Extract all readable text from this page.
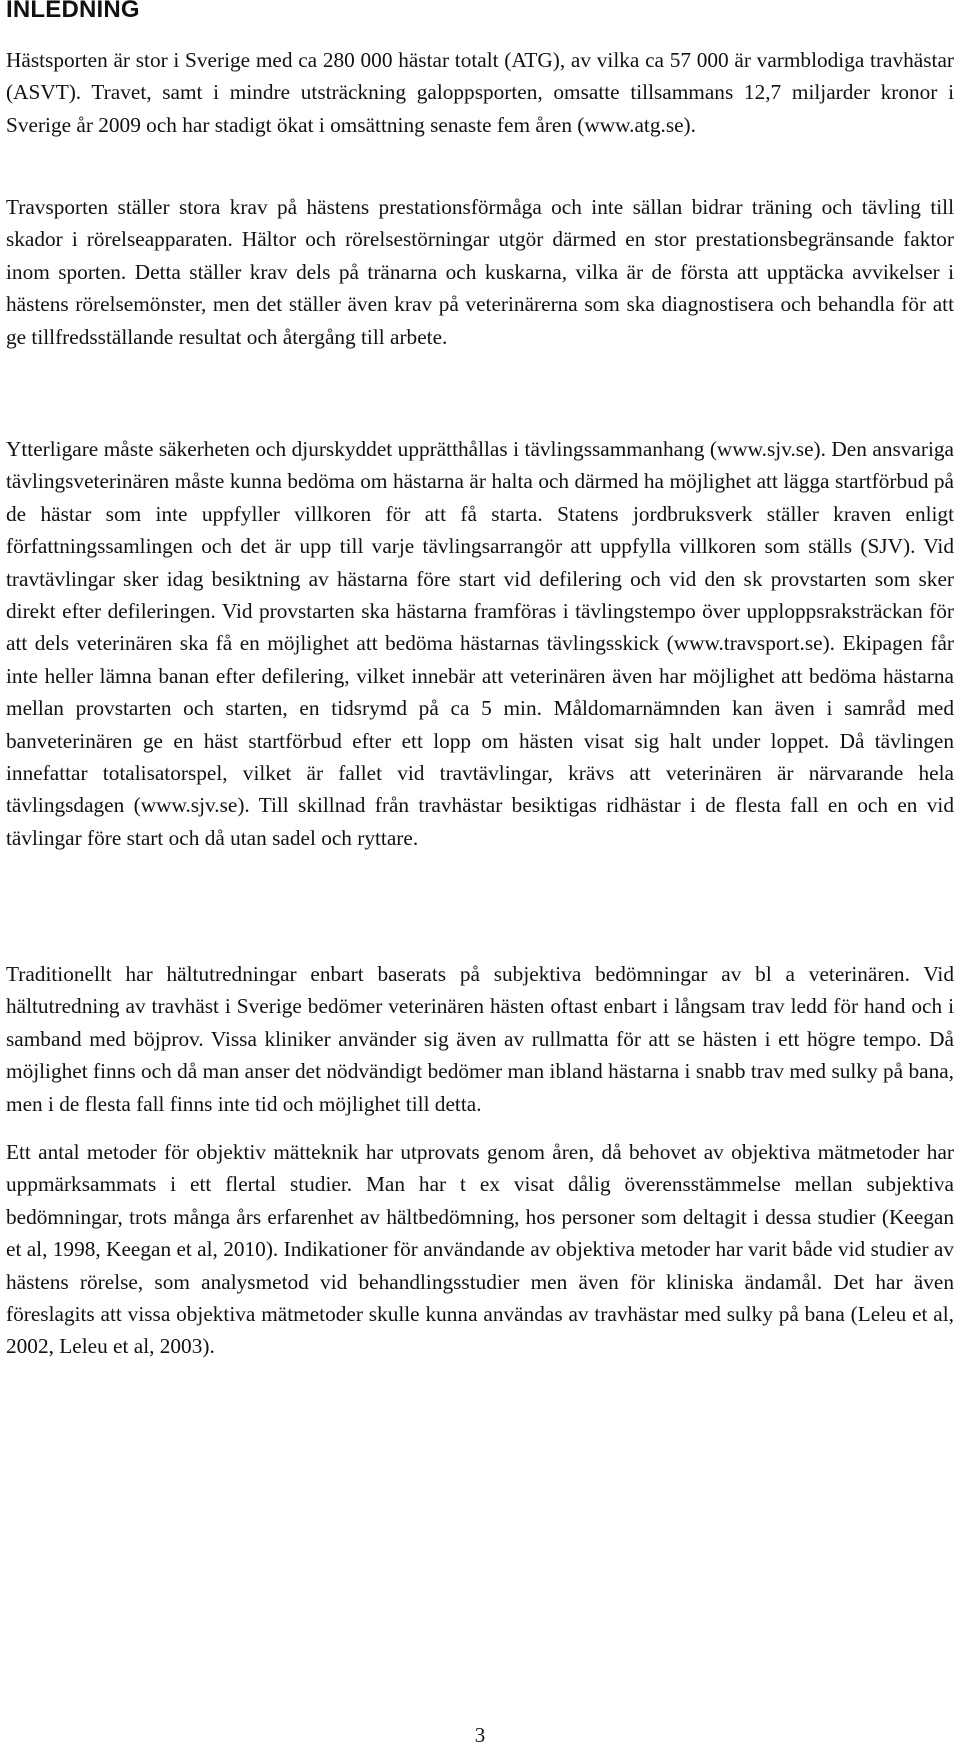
INLEDNING

Hästsporten är stor i Sverige med ca 280 000 hästar totalt (ATG), av vilka ca 57 000 är varmblodiga travhästar (ASVT). Travet, samt i mindre utsträckning galoppsporten, omsatte tillsammans 12,7 miljarder kronor i Sverige år 2009 och har stadigt ökat i omsättning senaste fem åren (www.atg.se).

Travsporten ställer stora krav på hästens prestationsförmåga och inte sällan bidrar träning och tävling till skador i rörelseapparaten. Hältor och rörelsestörningar utgör därmed en stor prestationsbegränsande faktor inom sporten. Detta ställer krav dels på tränarna och kuskarna, vilka är de första att upptäcka avvikelser i hästens rörelsemönster, men det ställer även krav på veterinärerna som ska diagnostisera och behandla för att ge tillfredsställande resultat och återgång till arbete.

Ytterligare måste säkerheten och djurskyddet upprätthållas i tävlingssammanhang (www.sjv.se). Den ansvariga tävlingsveterinären måste kunna bedöma om hästarna är halta och därmed ha möjlighet att lägga startförbud på de hästar som inte uppfyller villkoren för att få starta. Statens jordbruksverk ställer kraven enligt författningssamlingen och det är upp till varje tävlingsarrangör att uppfylla villkoren som ställs (SJV). Vid travtävlingar sker idag besiktning av hästarna före start vid defilering och vid den sk provstarten som sker direkt efter defileringen. Vid provstarten ska hästarna framföras i tävlingstempo över upploppsraksträckan för att dels veterinären ska få en möjlighet att bedöma hästarnas tävlingsskick (www.travsport.se). Ekipagen får inte heller lämna banan efter defilering, vilket innebär att veterinären även har möjlighet att bedöma hästarna mellan provstarten och starten, en tidsrymd på ca 5 min. Måldomarnämnden kan även i samråd med banveterinären ge en häst startförbud efter ett lopp om hästen visat sig halt under loppet. Då tävlingen innefattar totalisatorspel, vilket är fallet vid travtävlingar, krävs att veterinären är närvarande hela tävlingsdagen (www.sjv.se). Till skillnad från travhästar besiktigas ridhästar i de flesta fall en och en vid tävlingar före start och då utan sadel och ryttare.

Traditionellt har hältutredningar enbart baserats på subjektiva bedömningar av bl a veterinären. Vid hältutredning av travhäst i Sverige bedömer veterinären hästen oftast enbart i långsam trav ledd för hand och i samband med böjprov. Vissa kliniker använder sig även av rullmatta för att se hästen i ett högre tempo. Då möjlighet finns och då man anser det nödvändigt bedömer man ibland hästarna i snabb trav med sulky på bana, men i de flesta fall finns inte tid och möjlighet till detta.

Ett antal metoder för objektiv mätteknik har utprovats genom åren, då behovet av objektiva mätmetoder har uppmärksammats i ett flertal studier. Man har t ex visat dålig överensstämmelse mellan subjektiva bedömningar, trots många års erfarenhet av hältbedömning, hos personer som deltagit i dessa studier (Keegan et al, 1998, Keegan et al, 2010). Indikationer för användande av objektiva metoder har varit både vid studier av hästens rörelse, som analysmetod vid behandlingsstudier men även för kliniska ändamål. Det har även föreslagits att vissa objektiva mätmetoder skulle kunna användas av travhästar med sulky på bana (Leleu et al, 2002, Leleu et al, 2003).

3
